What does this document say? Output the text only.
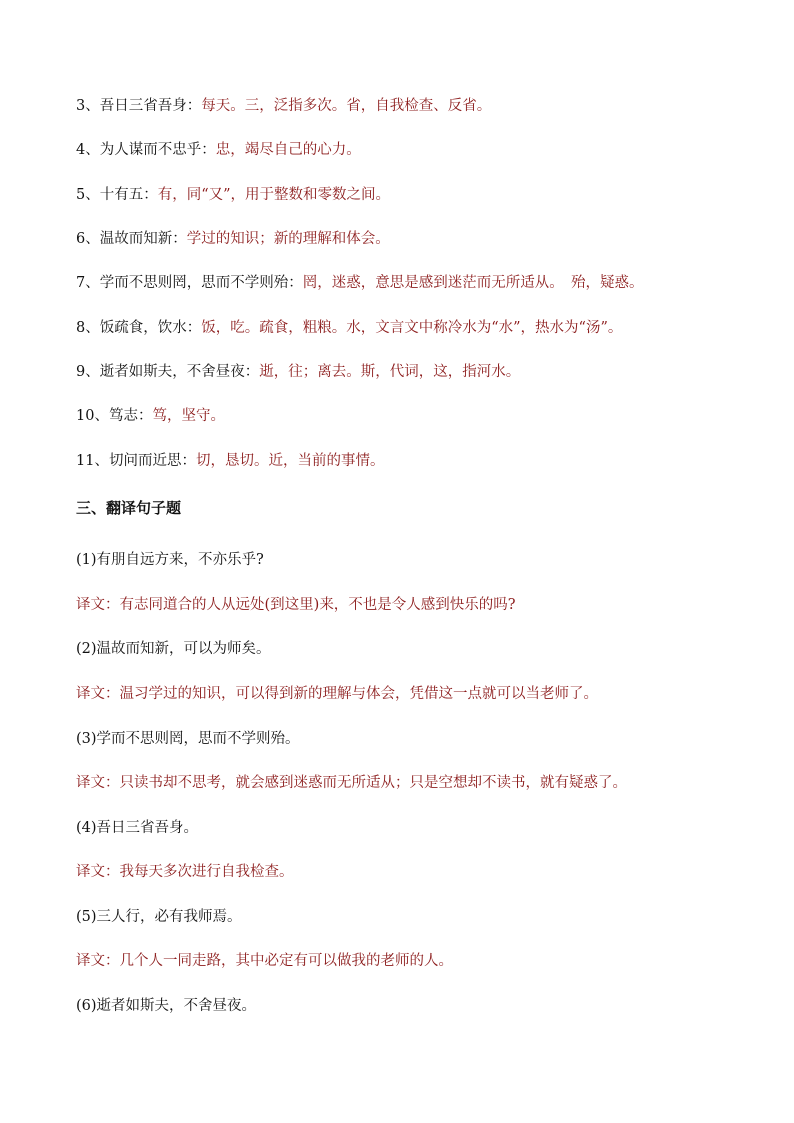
3、吾日三省吾身：每天。三，泛指多次。省，自我检查、反省。
4、为人谋而不忠乎：忠，竭尽自己的心力。
5、十有五：有，同“又”，用于整数和零数之间。
6、温故而知新：学过的知识；新的理解和体会。
7、学而不思则罔，思而不学则殆：罔，迷惑，意思是感到迷茫而无所适从。　殆，疑惑。
8、饭疏食，饮水：饭，吃。疏食，粗粮。水，文言文中称冷水为“水”，热水为“汤”。
9、逝者如斯夫，不舍昼夜：逝，往；离去。斯，代词，这，指河水。
10、笃志：笃，坚守。
11、切问而近思：切，恳切。近，当前的事情。
三、翻译句子题
(1)有朋自远方来，不亦乐乎?
译文：有志同道合的人从远处(到这里)来，不也是令人感到快乐的吗?
(2)温故而知新，可以为师矣。
译文：温习学过的知识，可以得到新的理解与体会，凭借这一点就可以当老师了。
(3)学而不思则罔，思而不学则殆。
译文：只读书却不思考，就会感到迷惑而无所适从；只是空想却不读书，就有疑惑了。
(4)吾日三省吾身。
译文：我每天多次进行自我检查。
(5)三人行，必有我师焉。
译文：几个人一同走路，其中必定有可以做我的老师的人。
(6)逝者如斯夫，不舍昼夜。
